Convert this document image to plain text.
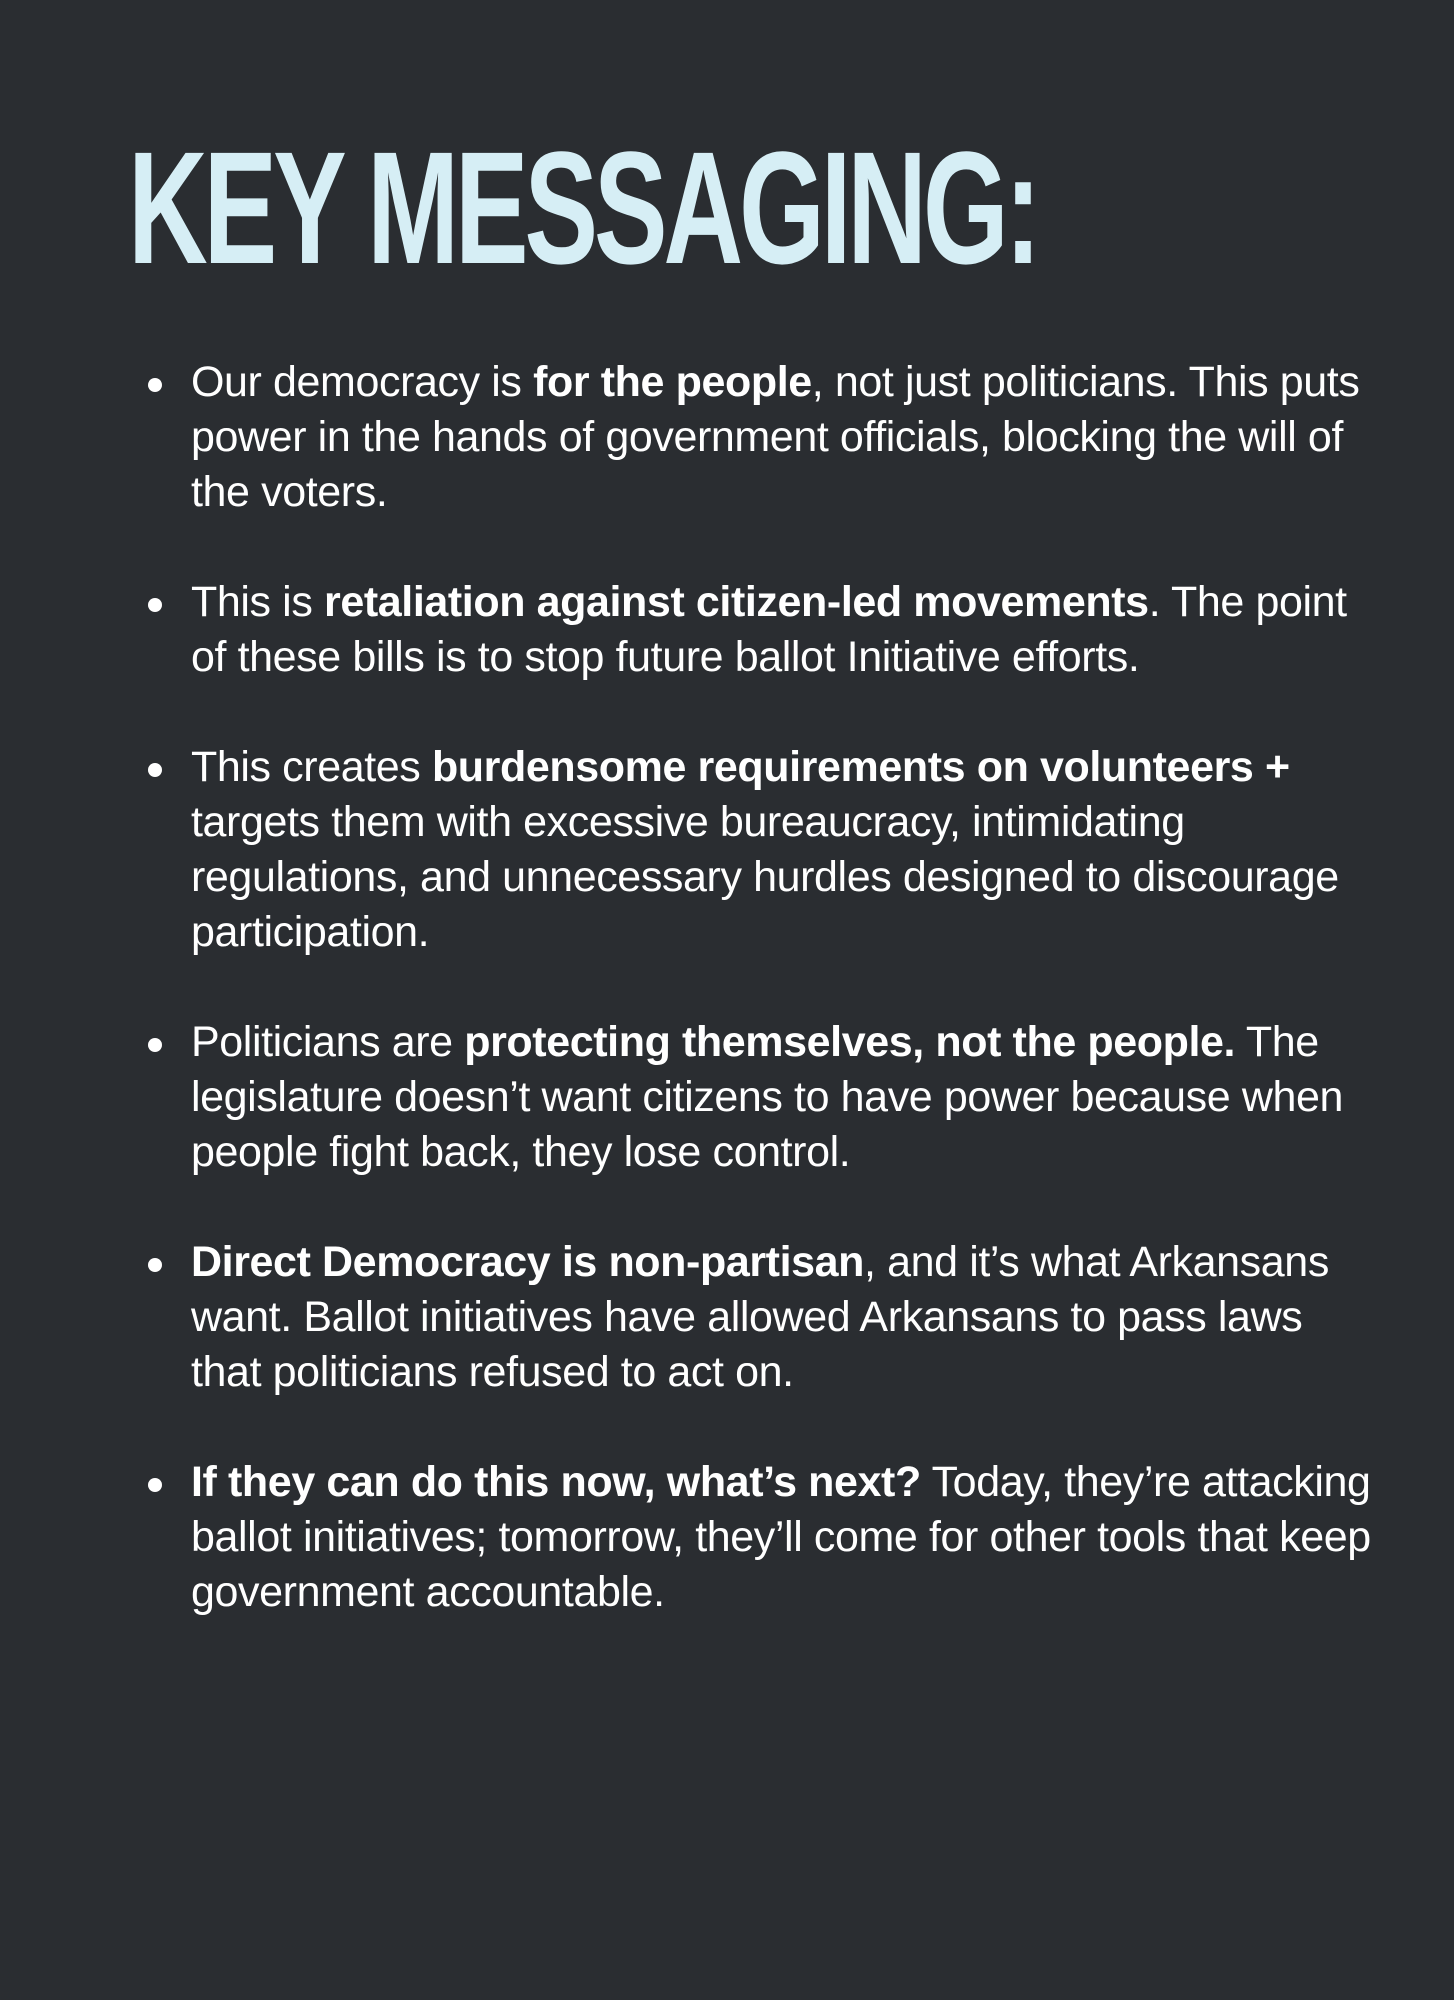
KEY MESSAGING:
Our democracy is for the people, not just politicians. This puts power in the hands of government officials, blocking the will of the voters.
This is retaliation against citizen-led movements. The point of these bills is to stop future ballot Initiative efforts.
This creates burdensome requirements on volunteers + targets them with excessive bureaucracy, intimidating regulations, and unnecessary hurdles designed to discourage participation.
Politicians are protecting themselves, not the people. The legislature doesn’t want citizens to have power because when people fight back, they lose control.
Direct Democracy is non-partisan, and it’s what Arkansans want. Ballot initiatives have allowed Arkansans to pass laws that politicians refused to act on.
If they can do this now, what’s next? Today, they’re attacking ballot initiatives; tomorrow, they’ll come for other tools that keep government accountable.
